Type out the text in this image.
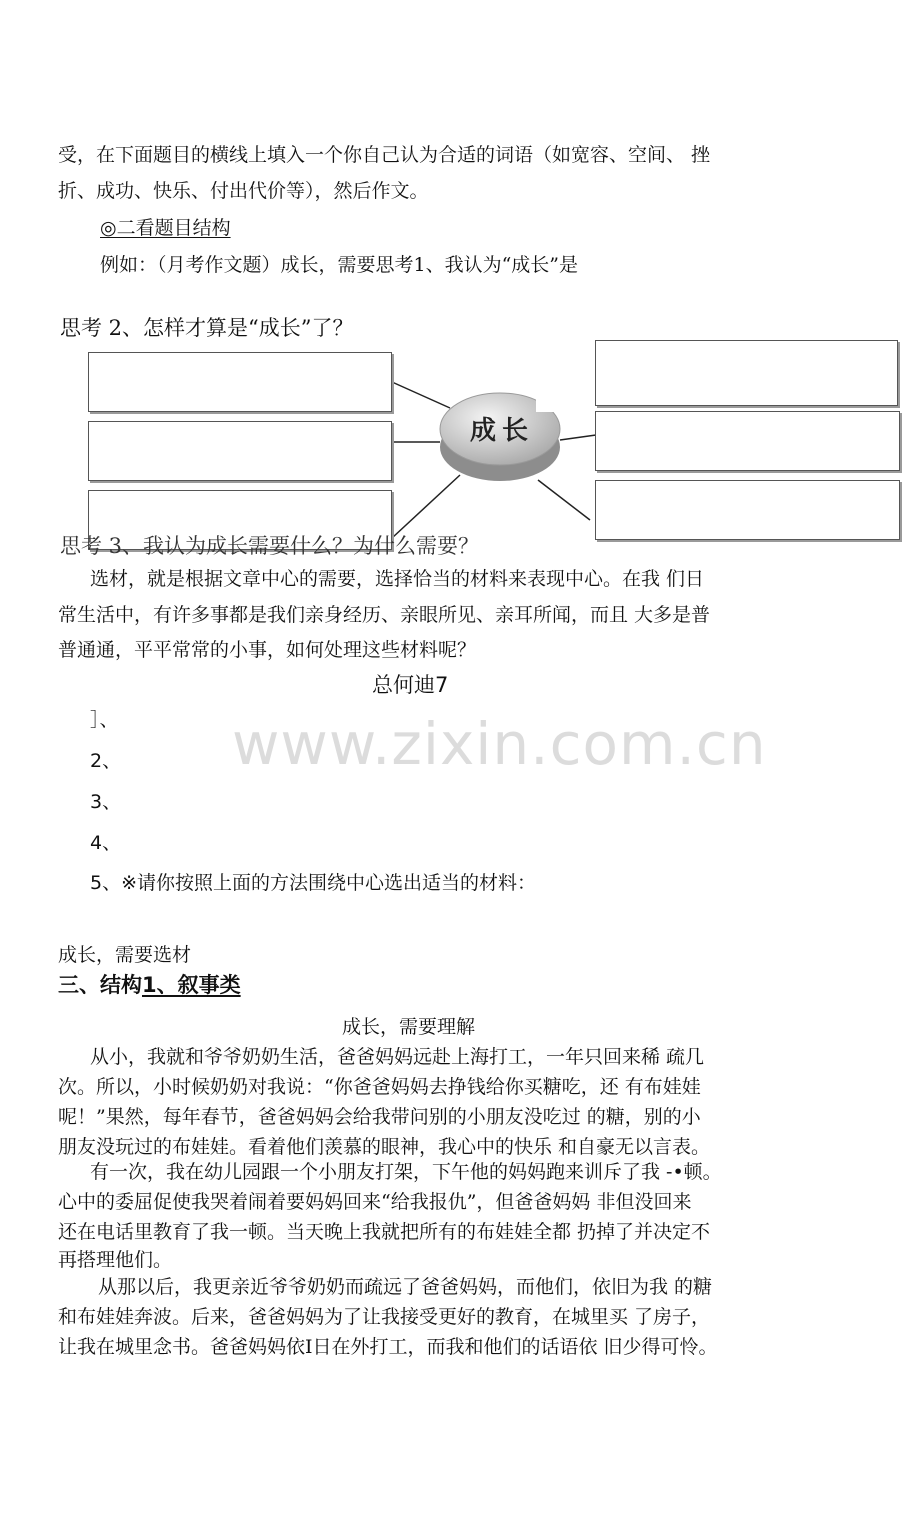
受，在下面题目的横线上填入一个你自己认为合适的词语（如宽容、空间、 挫
折、成功、快乐、付出代价等），然后作文。
◎二看题目结构
例如：（月考作文题）成长，需要思考1、我认为“成长”是
思考 2、怎样才算是“成长”了？
成长
思考 3、我认为成长需要什么？为什么需要？
选材，就是根据文章中心的需要，选择恰当的材料来表现中心。在我 们日
常生活中，有许多事都是我们亲身经历、亲眼所见、亲耳所闻，而且 大多是普
普通通，平平常常的小事，如何处理这些材料呢？
总何迪7
www.zixin.com.cn
］、
2、
3、
4、
5、※请你按照上面的方法围绕中心选出适当的材料：
成长，需要选材
三、结构1、叙事类
成长，需要理解
从小，我就和爷爷奶奶生活，爸爸妈妈远赴上海打工，一年只回来稀 疏几
次。所以，小时候奶奶对我说：“你爸爸妈妈去挣钱给你买糖吃，还 有布娃娃
呢！”果然，每年春节，爸爸妈妈会给我带问别的小朋友没吃过 的糖，别的小
朋友没玩过的布娃娃。看着他们羡慕的眼神，我心中的快乐 和自豪无以言表。
有一次，我在幼儿园跟一个小朋友打架，下午他的妈妈跑来训斥了我 -•顿。
心中的委屈促使我哭着闹着要妈妈回来“给我报仇”，但爸爸妈妈 非但没回来
还在电话里教育了我一顿。当天晚上我就把所有的布娃娃全都 扔掉了并决定不
再搭理他们。
从那以后，我更亲近爷爷奶奶而疏远了爸爸妈妈，而他们，依旧为我 的糖
和布娃娃奔波。后来，爸爸妈妈为了让我接受更好的教育，在城里买 了房子，
让我在城里念书。爸爸妈妈依I日在外打工，而我和他们的话语依 旧少得可怜。
